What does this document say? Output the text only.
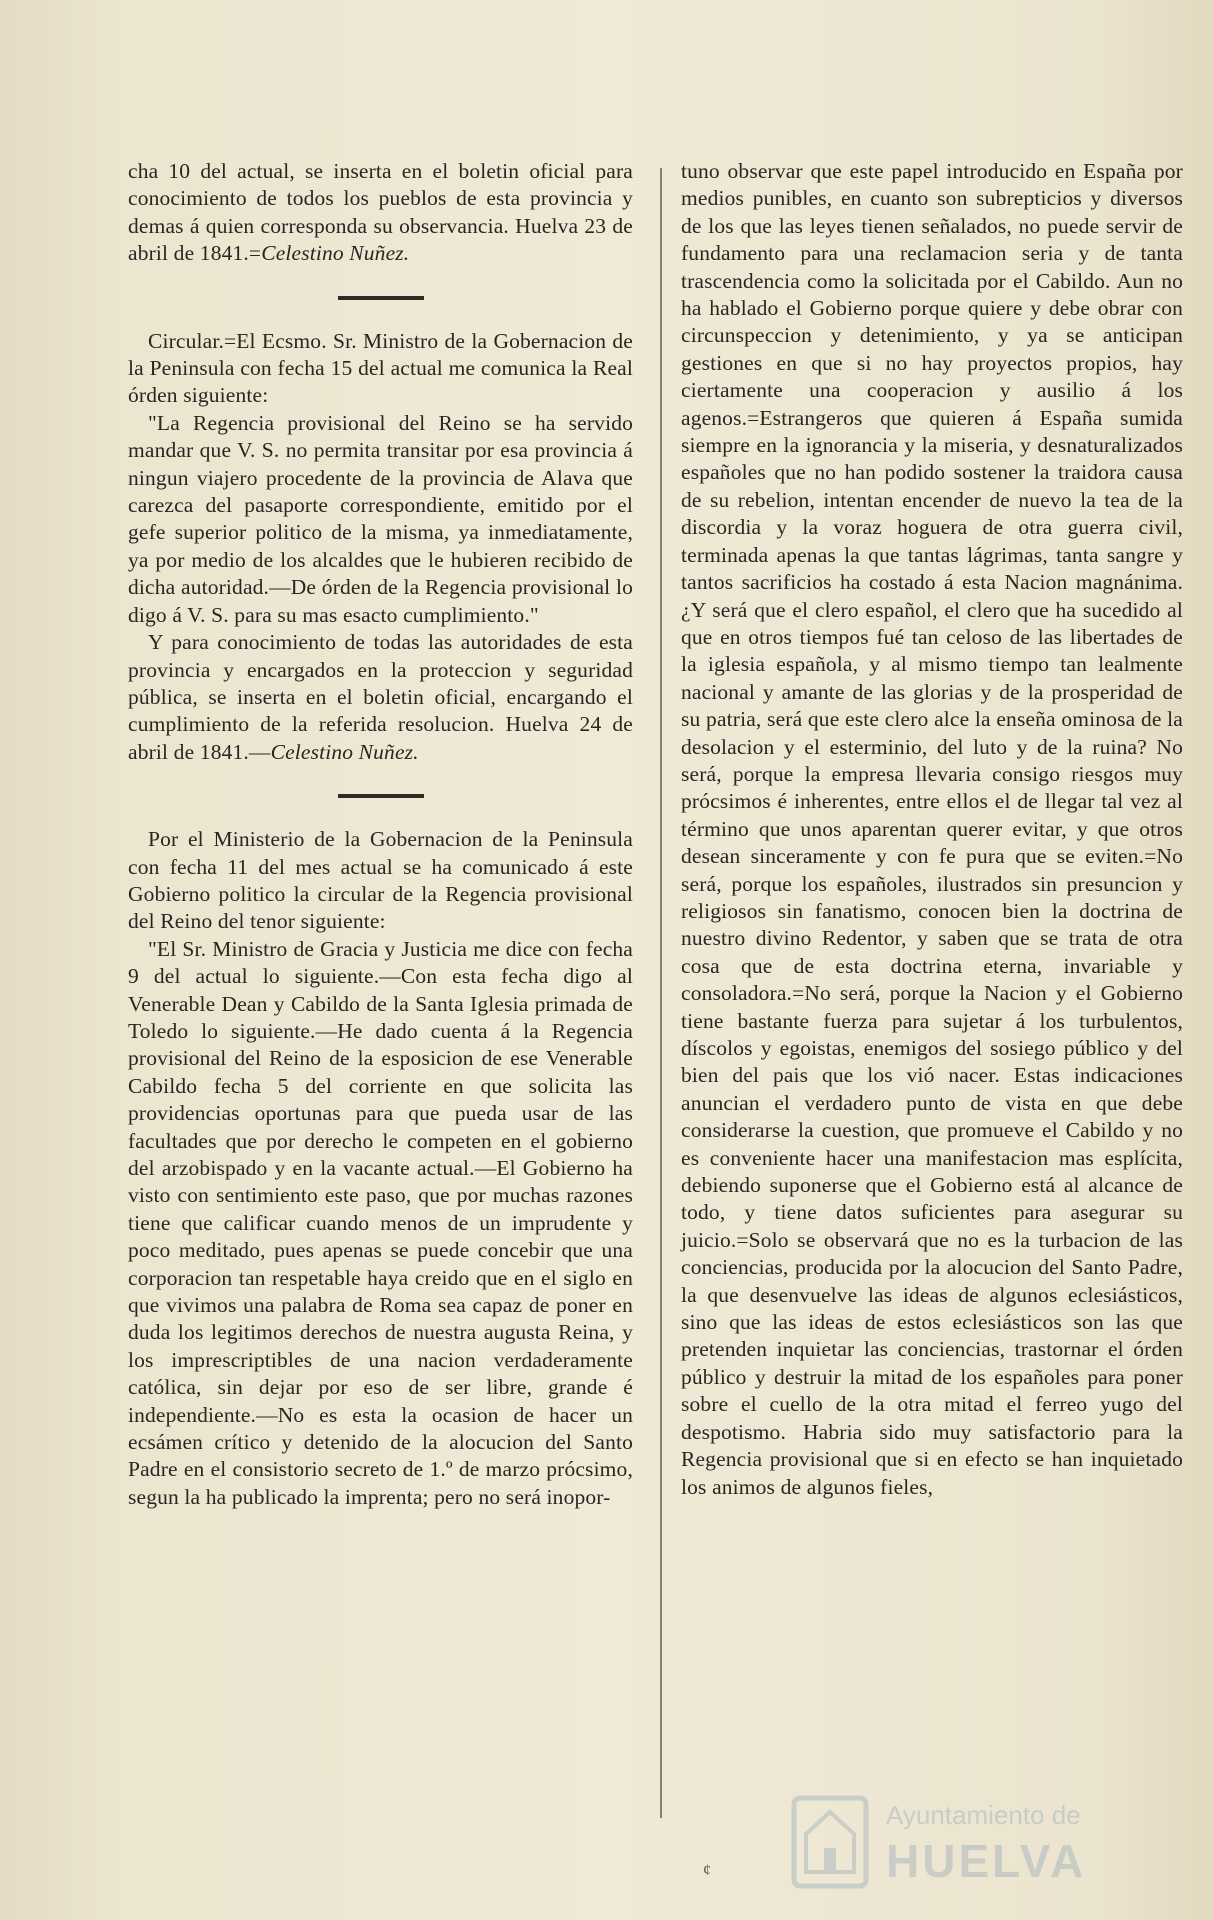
cha 10 del actual, se inserta en el boletin oficial para conocimiento de todos los pueblos de esta provincia y demas á quien corresponda su observancia. Huelva 23 de abril de 1841.=Celestino Nuñez.

Circular.=El Ecsmo. Sr. Ministro de la Gobernacion de la Peninsula con fecha 15 del actual me comunica la Real órden siguiente:

"La Regencia provisional del Reino se ha servido mandar que V. S. no permita transitar por esa provincia á ningun viajero procedente de la provincia de Alava que carezca del pasaporte correspondiente, emitido por el gefe superior politico de la misma, ya inmediatamente, ya por medio de los alcaldes que le hubieren recibido de dicha autoridad.—De órden de la Regencia provisional lo digo á V. S. para su mas esacto cumplimiento."

Y para conocimiento de todas las autoridades de esta provincia y encargados en la proteccion y seguridad pública, se inserta en el boletin oficial, encargando el cumplimiento de la referida resolucion. Huelva 24 de abril de 1841.—Celestino Nuñez.

Por el Ministerio de la Gobernacion de la Peninsula con fecha 11 del mes actual se ha comunicado á este Gobierno politico la circular de la Regencia provisional del Reino del tenor siguiente:

"El Sr. Ministro de Gracia y Justicia me dice con fecha 9 del actual lo siguiente.—Con esta fecha digo al Venerable Dean y Cabildo de la Santa Iglesia primada de Toledo lo siguiente.—He dado cuenta á la Regencia provisional del Reino de la esposicion de ese Venerable Cabildo fecha 5 del corriente en que solicita las providencias oportunas para que pueda usar de las facultades que por derecho le competen en el gobierno del arzobispado y en la vacante actual.—El Gobierno ha visto con sentimiento este paso, que por muchas razones tiene que calificar cuando menos de un imprudente y poco meditado, pues apenas se puede concebir que una corporacion tan respetable haya creido que en el siglo en que vivimos una palabra de Roma sea capaz de poner en duda los legitimos derechos de nuestra augusta Reina, y los imprescriptibles de una nacion verdaderamente católica, sin dejar por eso de ser libre, grande é independiente.—No es esta la ocasion de hacer un ecsámen crítico y detenido de la alocucion del Santo Padre en el consistorio secreto de 1.º de marzo prócsimo, segun la ha publicado la imprenta; pero no será inopor-

tuno observar que este papel introducido en España por medios punibles, en cuanto son subrepticios y diversos de los que las leyes tienen señalados, no puede servir de fundamento para una reclamacion seria y de tanta trascendencia como la solicitada por el Cabildo. Aun no ha hablado el Gobierno porque quiere y debe obrar con circunspeccion y detenimiento, y ya se anticipan gestiones en que si no hay proyectos propios, hay ciertamente una cooperacion y ausilio á los agenos.=Estrangeros que quieren á España sumida siempre en la ignorancia y la miseria, y desnaturalizados españoles que no han podido sostener la traidora causa de su rebelion, intentan encender de nuevo la tea de la discordia y la voraz hoguera de otra guerra civil, terminada apenas la que tantas lágrimas, tanta sangre y tantos sacrificios ha costado á esta Nacion magnánima. ¿Y será que el clero español, el clero que ha sucedido al que en otros tiempos fué tan celoso de las libertades de la iglesia española, y al mismo tiempo tan lealmente nacional y amante de las glorias y de la prosperidad de su patria, será que este clero alce la enseña ominosa de la desolacion y el esterminio, del luto y de la ruina? No será, porque la empresa llevaria consigo riesgos muy prócsimos é inherentes, entre ellos el de llegar tal vez al término que unos aparentan querer evitar, y que otros desean sinceramente y con fe pura que se eviten.=No será, porque los españoles, ilustrados sin presuncion y religiosos sin fanatismo, conocen bien la doctrina de nuestro divino Redentor, y saben que se trata de otra cosa que de esta doctrina eterna, invariable y consoladora.=No será, porque la Nacion y el Gobierno tiene bastante fuerza para sujetar á los turbulentos, díscolos y egoistas, enemigos del sosiego público y del bien del pais que los vió nacer. Estas indicaciones anuncian el verdadero punto de vista en que debe considerarse la cuestion, que promueve el Cabildo y no es conveniente hacer una manifestacion mas esplícita, debiendo suponerse que el Gobierno está al alcance de todo, y tiene datos suficientes para asegurar su juicio.=Solo se observará que no es la turbacion de las conciencias, producida por la alocucion del Santo Padre, la que desenvuelve las ideas de algunos eclesiásticos, sino que las ideas de estos eclesiásticos son las que pretenden inquietar las conciencias, trastornar el órden público y destruir la mitad de los españoles para poner sobre el cuello de la otra mitad el ferreo yugo del despotismo. Habria sido muy satisfactorio para la Regencia provisional que si en efecto se han inquietado los animos de algunos fieles,

¢
Ayuntamiento de
HUELVA
